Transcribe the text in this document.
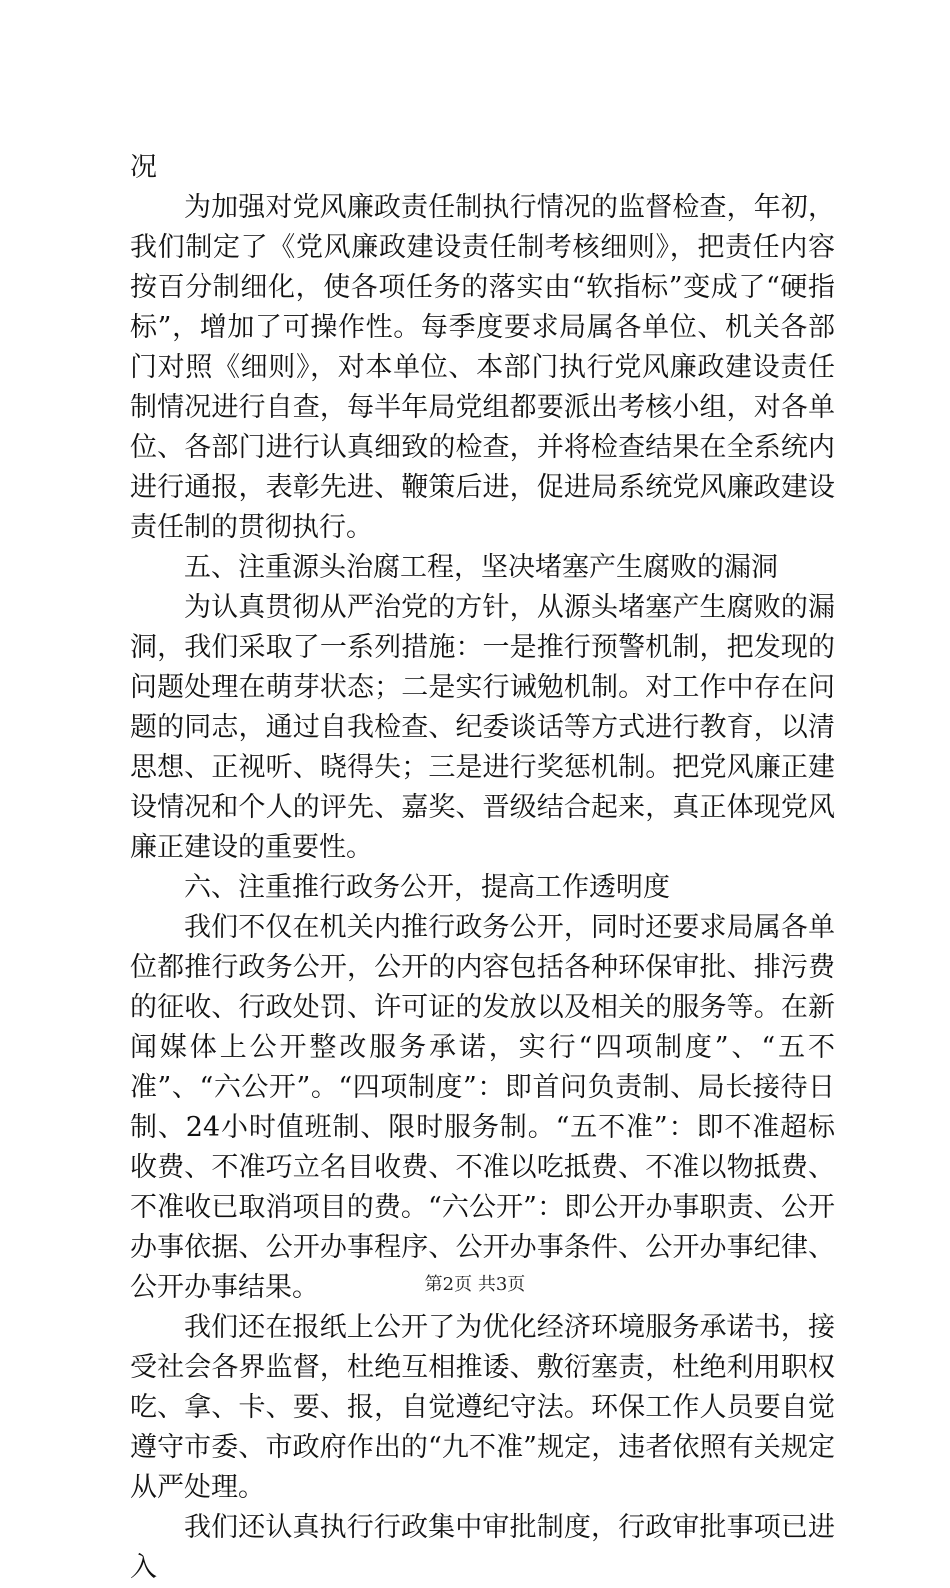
况

为加强对党风廉政责任制执行情况的监督检查，年初，我们制定了《党风廉政建设责任制考核细则》，把责任内容按百分制细化，使各项任务的落实由“软指标”变成了“硬指标”，增加了可操作性。每季度要求局属各单位、机关各部门对照《细则》，对本单位、本部门执行党风廉政建设责任制情况进行自查，每半年局党组都要派出考核小组，对各单位、各部门进行认真细致的检查，并将检查结果在全系统内进行通报，表彰先进、鞭策后进，促进局系统党风廉政建设责任制的贯彻执行。

五、注重源头治腐工程，坚决堵塞产生腐败的漏洞

为认真贯彻从严治党的方针，从源头堵塞产生腐败的漏洞，我们采取了一系列措施：一是推行预警机制，把发现的问题处理在萌芽状态；二是实行诫勉机制。对工作中存在问题的同志，通过自我检查、纪委谈话等方式进行教育，以清思想、正视听、晓得失；三是进行奖惩机制。把党风廉正建设情况和个人的评先、嘉奖、晋级结合起来，真正体现党风廉正建设的重要性。

六、注重推行政务公开，提高工作透明度

我们不仅在机关内推行政务公开，同时还要求局属各单位都推行政务公开，公开的内容包括各种环保审批、排污费的征收、行政处罚、许可证的发放以及相关的服务等。在新闻媒体上公开整改服务承诺，实行“四项制度”、“五不准”、“六公开”。“四项制度”：即首问负责制、局长接待日制、24小时值班制、限时服务制。“五不准”：即不准超标收费、不准巧立名目收费、不准以吃抵费、不准以物抵费、不准收已取消项目的费。“六公开”：即公开办事职责、公开办事依据、公开办事程序、公开办事条件、公开办事纪律、公开办事结果。

我们还在报纸上公开了为优化经济环境服务承诺书，接受社会各界监督，杜绝互相推诿、敷衍塞责，杜绝利用职权吃、拿、卡、要、报，自觉遵纪守法。环保工作人员要自觉遵守市委、市政府作出的“九不准”规定，违者依照有关规定从严处理。

我们还认真执行行政集中审批制度，行政审批事项已进入

第2页 共3页
